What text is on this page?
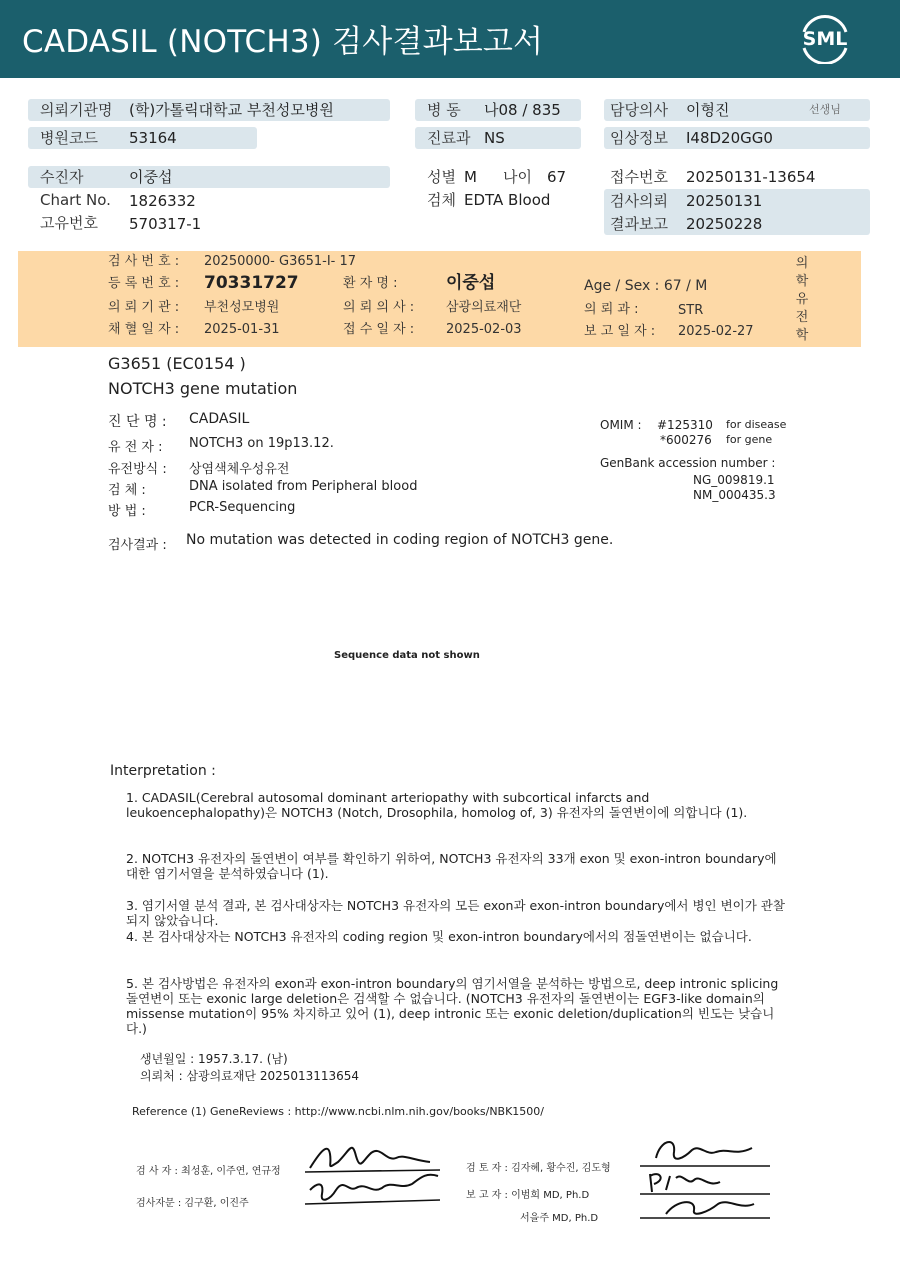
CADASIL (NOTCH3) 검사결과보고서	SML
의뢰기관명 (학)가톨릭대학교 부천성모병원	병 동 나08 / 835	담당의사 이형진	선생님
병원코드 53164	진료과 NS	임상정보 I48D20GG0
수진자	이중섭	성별 M 나이 67	접수번호 20250131-13654
Chart No. 1826332	검체 EDTA Blood	검사의뢰 20250131
고유번호 570317-1	결과보고 20250228
검 사 번 호 : 20250000- G3651-I- 17
등 록 번 호 : 70331727	환 자 명 :	이중섭	Age / Sex : 67 / M
의 뢰 기 관 : 부천성모병원	의 뢰 의 사 : 삼광의료재단	의 뢰 과 :	STR
채 혈 일 자 : 2025-01-31	접 수 일 자 : 2025-02-03	보 고 일 자 : 2025-02-27
의
학
유
전
학
G3651 (EC0154 )
NOTCH3 gene mutation
진 단 명 : CADASIL
유 전 자 : NOTCH3 on 19p13.12.
유전방식 : 상염색체우성유전
검 체 :	DNA isolated from Peripheral blood
방 법 :	PCR-Sequencing
OMIM : #125310 for disease
*600276 for gene
GenBank accession number :
NG_009819.1
NM_000435.3
검사결과 : No mutation was detected in coding region of NOTCH3 gene.
Sequence data not shown
Interpretation :
1. CADASIL(Cerebral autosomal dominant arteriopathy with subcortical infarcts and leukoencephalopathy)은 NOTCH3 (Notch, Drosophila, homolog of, 3) 유전자의 돌연변이에 의합니다 (1).
2. NOTCH3 유전자의 돌연변이 여부를 확인하기 위하여, NOTCH3 유전자의 33개 exon 및 exon-intron boundary에 대한 염기서열을 분석하였습니다 (1).
3. 염기서열 분석 결과, 본 검사대상자는 NOTCH3 유전자의 모든 exon과 exon-intron boundary에서 병인 변이가 관찰되지 않았습니다.
4. 본 검사대상자는 NOTCH3 유전자의 coding region 및 exon-intron boundary에서의 점돌연변이는 없습니다.
5. 본 검사방법은 유전자의 exon과 exon-intron boundary의 염기서열을 분석하는 방법으로, deep intronic splicing 돌연변이 또는 exonic large deletion은 검색할 수 없습니다. (NOTCH3 유전자의 돌연변이는 EGF3-like domain의 missense mutation이 95% 차지하고 있어 (1), deep intronic 또는 exonic deletion/duplication의 빈도는 낮습니다.)
생년월일 : 1957.3.17. (남)
의뢰처 : 삼광의료재단 2025013113654
Reference (1) GeneReviews : http://www.ncbi.nlm.nih.gov/books/NBK1500/
검 사 자 : 최성훈, 이주연, 연규정
검사자문 : 김구환, 이진주
검 토 자 : 김자혜, 황수진, 김도형
보 고 자 : 이범희 MD, Ph.D
서을주 MD, Ph.D
